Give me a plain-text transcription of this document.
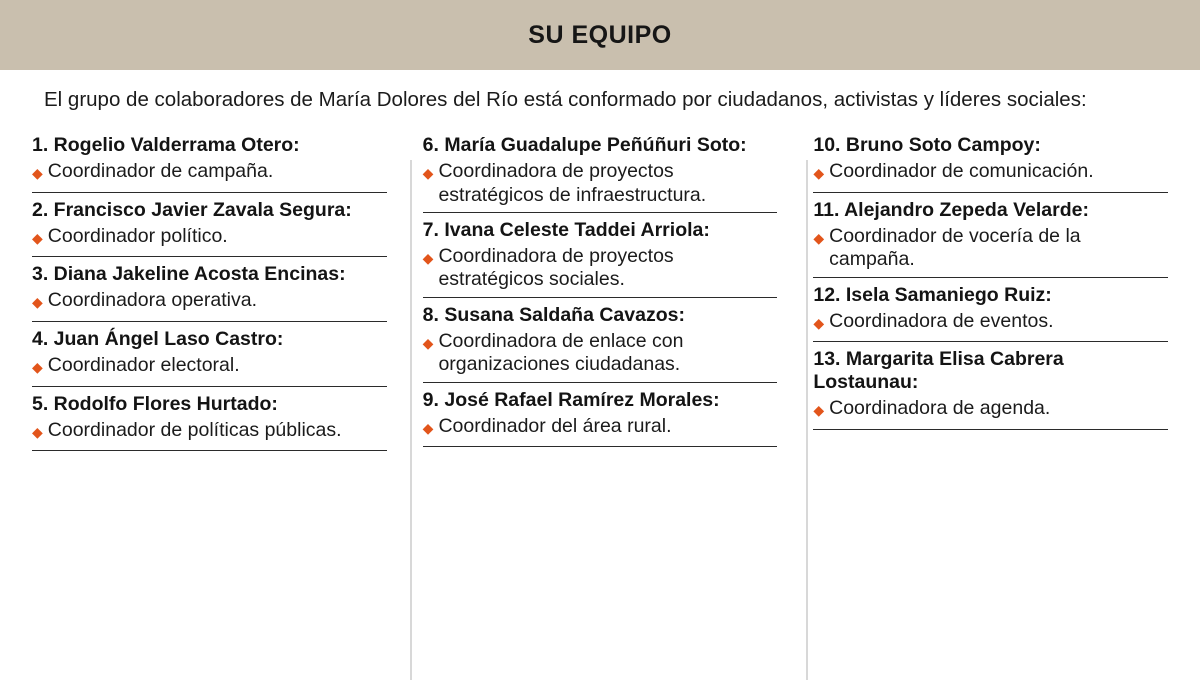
SU EQUIPO
El grupo de colaboradores de María Dolores del Río está conformado por ciudadanos, activistas y líderes sociales:
1. Rogelio Valderrama Otero:
◆ Coordinador de campaña.
2. Francisco Javier Zavala Segura:
◆ Coordinador político.
3. Diana Jakeline Acosta Encinas:
◆ Coordinadora operativa.
4. Juan Ángel Laso Castro:
◆ Coordinador electoral.
5. Rodolfo Flores Hurtado:
◆ Coordinador de políticas públicas.
6. María Guadalupe Peñúñuri Soto:
◆ Coordinadora de proyectos estratégicos de infraestructura.
7. Ivana Celeste Taddei Arriola:
◆ Coordinadora de proyectos estratégicos sociales.
8. Susana Saldaña Cavazos:
◆ Coordinadora de enlace con organizaciones ciudadanas.
9. José Rafael Ramírez Morales:
◆ Coordinador del área rural.
10. Bruno Soto Campoy:
◆ Coordinador de comunicación.
11. Alejandro Zepeda Velarde:
◆ Coordinador de vocería de la campaña.
12. Isela Samaniego Ruiz:
◆ Coordinadora de eventos.
13. Margarita Elisa Cabrera Lostaunau:
◆ Coordinadora de agenda.
